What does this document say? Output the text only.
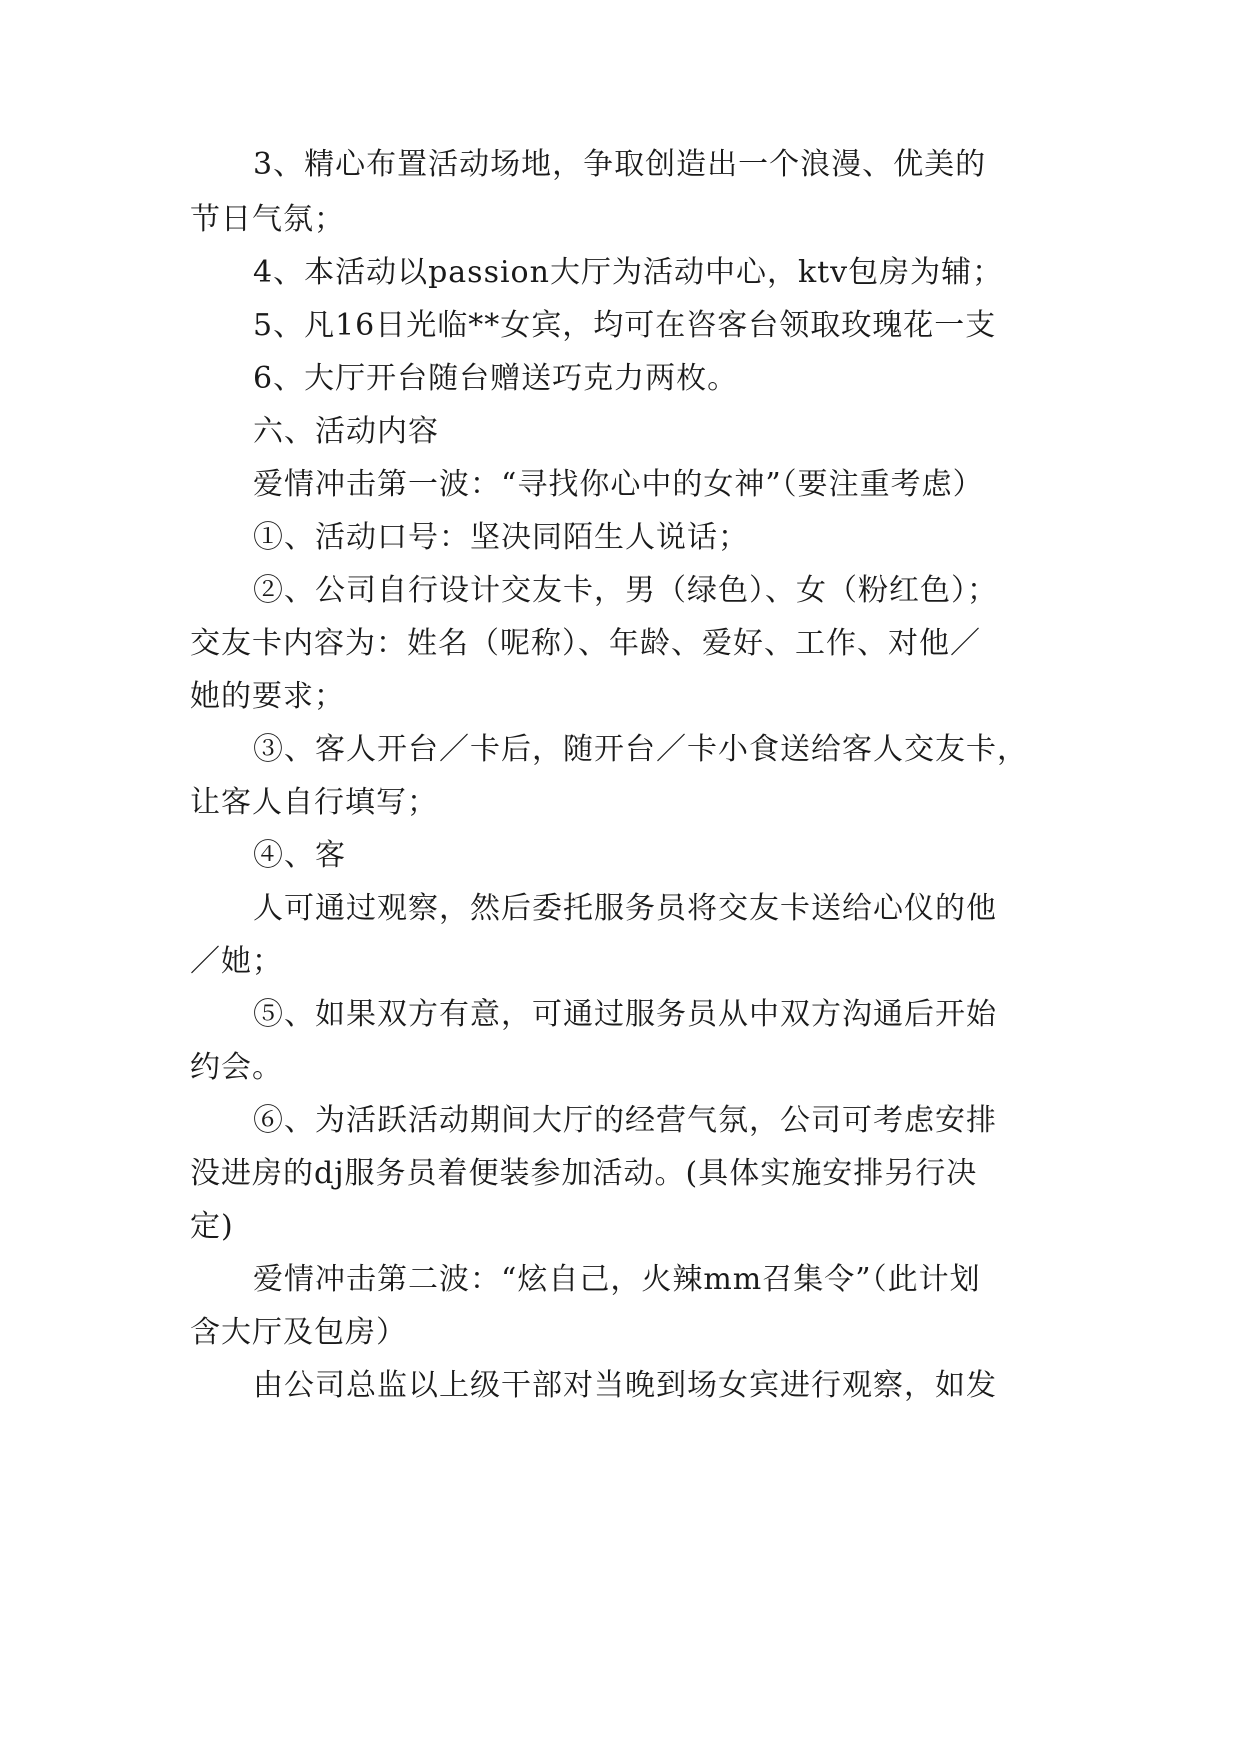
3、精心布置活动场地，争取创造出一个浪漫、优美的
节日气氛；
4、本活动以passion大厅为活动中心，ktv包房为辅；
5、凡16日光临**女宾，均可在咨客台领取玫瑰花一支
6、大厅开台随台赠送巧克力两枚。
六、活动内容
爱情冲击第一波：“寻找你心中的女神”（要注重考虑）
①、活动口号：坚决同陌生人说话；
②、公司自行设计交友卡，男（绿色）、女（粉红色）；
交友卡内容为：姓名（呢称）、年龄、爱好、工作、对他／
她的要求；
③、客人开台／卡后，随开台／卡小食送给客人交友卡，
让客人自行填写；
④、客
人可通过观察，然后委托服务员将交友卡送给心仪的他
／她；
⑤、如果双方有意，可通过服务员从中双方沟通后开始
约会。
⑥、为活跃活动期间大厅的经营气氛，公司可考虑安排
没进房的dj服务员着便装参加活动。(具体实施安排另行决
定)
爱情冲击第二波：“炫自己，火辣mm召集令”（此计划
含大厅及包房）
由公司总监以上级干部对当晚到场女宾进行观察，如发
